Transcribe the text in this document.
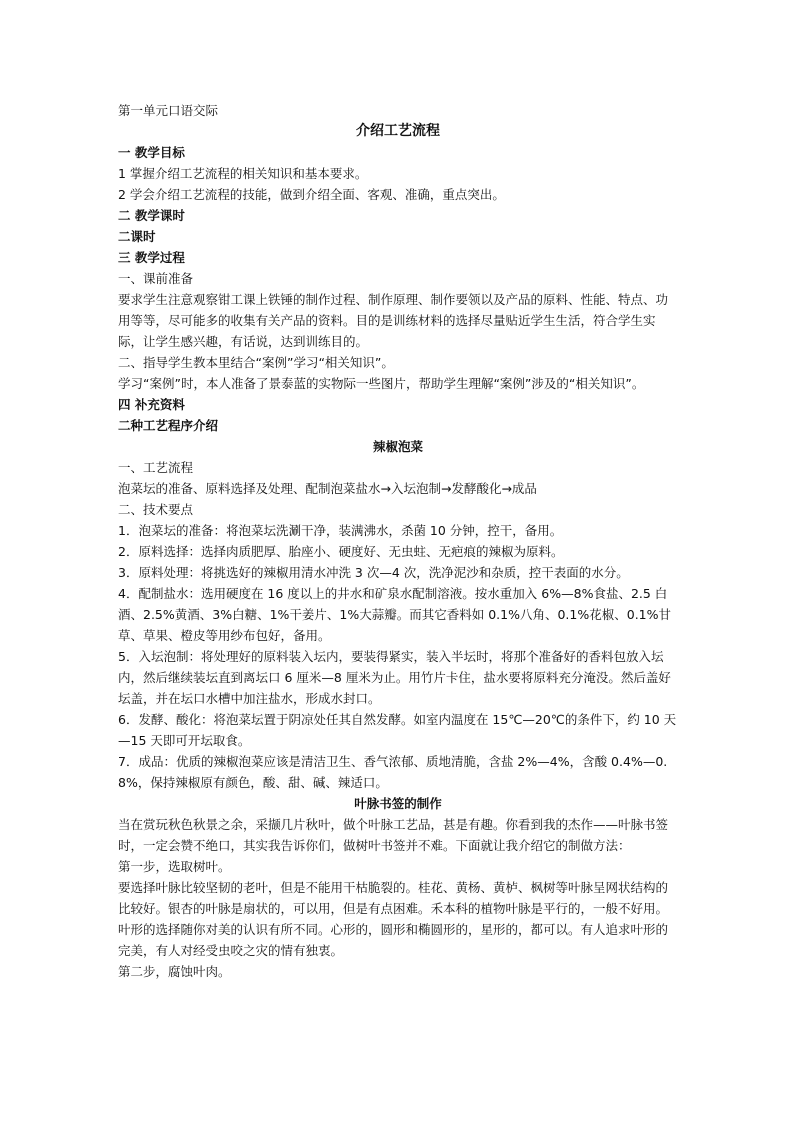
第一单元口语交际
介绍工艺流程
一 教学目标
1 掌握介绍工艺流程的相关知识和基本要求。
2 学会介绍工艺流程的技能，做到介绍全面、客观、准确，重点突出。
二 教学课时
二课时
三 教学过程
一、课前准备
要求学生注意观察钳工课上铁锤的制作过程、制作原理、制作要领以及产品的原料、性能、特点、功用等等，尽可能多的收集有关产品的资料。目的是训练材料的选择尽量贴近学生生活，符合学生实际，让学生感兴趣，有话说，达到训练目的。
二、指导学生教本里结合“案例”学习“相关知识”。
学习“案例”时，本人准备了景泰蓝的实物际一些图片，帮助学生理解“案例”涉及的“相关知识”。
四 补充资料
二种工艺程序介绍
辣椒泡菜
一、工艺流程
泡菜坛的准备、原料选择及处理、配制泡菜盐水→入坛泡制→发酵酸化→成品
二、技术要点
1．泡菜坛的准备：将泡菜坛洗涮干净，装满沸水，杀菌 10 分钟，控干，备用。
2．原料选择：选择肉质肥厚、胎座小、硬度好、无虫蛀、无疤痕的辣椒为原料。
3．原料处理：将挑选好的辣椒用清水冲洗 3 次—4 次，洗净泥沙和杂质，控干表面的水分。
4．配制盐水：选用硬度在 16 度以上的井水和矿泉水配制溶液。按水重加入 6%—8%食盐、2.5 白酒、2.5%黄酒、3%白糖、1%干姜片、1%大蒜瓣。而其它香料如 0.1%八角、0.1%花椒、0.1%甘草、草果、橙皮等用纱布包好，备用。
5．入坛泡制：将处理好的原料装入坛内，要装得紧实，装入半坛时，将那个准备好的香料包放入坛内，然后继续装坛直到离坛口 6 厘米—8 厘米为止。用竹片卡住，盐水要将原料充分淹没。然后盖好坛盖，并在坛口水槽中加注盐水，形成水封口。
6．发酵、酸化：将泡菜坛置于阴凉处任其自然发酵。如室内温度在 15℃—20℃的条件下，约 10 天—15 天即可开坛取食。
7．成品：优质的辣椒泡菜应该是清洁卫生、香气浓郁、质地清脆，含盐 2%—4%，含酸 0.4%—0.8%，保持辣椒原有颜色，酸、甜、碱、辣适口。
叶脉书签的制作
当在赏玩秋色秋景之余，采撷几片秋叶，做个叶脉工艺品，甚是有趣。你看到我的杰作——叶脉书签时，一定会赞不绝口，其实我告诉你们，做树叶书签并不难。下面就让我介绍它的制做方法：
第一步，选取树叶。
要选择叶脉比较坚韧的老叶，但是不能用干枯脆裂的。桂花、黄杨、黄栌、枫树等叶脉呈网状结构的比较好。银杏的叶脉是扇状的，可以用，但是有点困难。禾本科的植物叶脉是平行的，一般不好用。叶形的选择随你对美的认识有所不同。心形的，圆形和椭圆形的，星形的，都可以。有人追求叶形的完美，有人对经受虫咬之灾的情有独衷。
第二步，腐蚀叶肉。
